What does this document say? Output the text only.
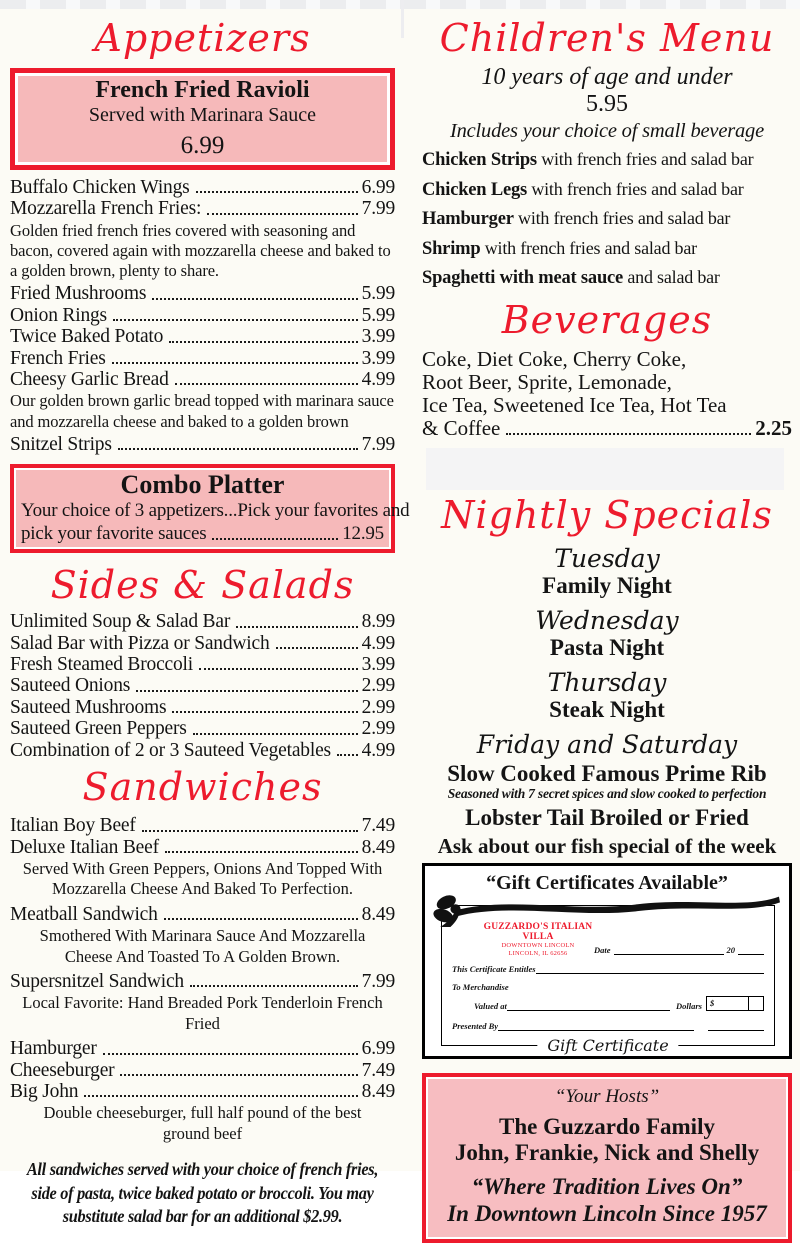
Appetizers
French Fried Ravioli
Served with Marinara Sauce
6.99
Buffalo Chicken Wings	6.99
Mozzarella French Fries:	7.99
Golden fried french fries covered with seasoning and bacon, covered again with mozzarella cheese and baked to a golden brown, plenty to share.
Fried Mushrooms	5.99
Onion Rings	5.99
Twice Baked Potato	3.99
French Fries	3.99
Cheesy Garlic Bread	4.99
Our golden brown garlic bread topped with marinara sauce and mozzarella cheese and baked to a golden brown
Snitzel Strips	7.99
Combo Platter
Your choice of 3 appetizers...Pick your favorites and
pick your favorite sauces	12.95
Sides & Salads
Unlimited Soup & Salad Bar	8.99
Salad Bar with Pizza or Sandwich	4.99
Fresh Steamed Broccoli	3.99
Sauteed Onions	2.99
Sauteed Mushrooms	2.99
Sauteed Green Peppers	2.99
Combination of 2 or 3 Sauteed Vegetables 4.99
Sandwiches
Italian Boy Beef	7.49
Deluxe Italian Beef	8.49
Served With Green Peppers, Onions And Topped With Mozzarella Cheese And Baked To Perfection.
Meatball Sandwich	8.49
Smothered With Marinara Sauce And Mozzarella Cheese And Toasted To A Golden Brown.
Supersnitzel Sandwich	7.99
Local Favorite: Hand Breaded Pork Tenderloin French Fried
Hamburger	6.99
Cheeseburger	7.49
Big John	8.49
Double cheeseburger, full half pound of the best ground beef
All sandwiches served with your choice of french fries,
side of pasta, twice baked potato or broccoli. You may
substitute salad bar for an additional $2.99.
Children's Menu
10 years of age and under
5.95
Includes your choice of small beverage
Chicken Strips with french fries and salad bar
Chicken Legs with french fries and salad bar
Hamburger with french fries and salad bar
Shrimp with french fries and salad bar
Spaghetti with meat sauce and salad bar
Beverages
Coke, Diet Coke, Cherry Coke,
Root Beer, Sprite, Lemonade,
Ice Tea, Sweetened Ice Tea, Hot Tea
& Coffee	2.25
Nightly Specials
Tuesday
Family Night
Wednesday
Pasta Night
Thursday
Steak Night
Friday and Saturday
Slow Cooked Famous Prime Rib
Seasoned with 7 secret spices and slow cooked to perfection
Lobster Tail Broiled or Fried
Ask about our fish special of the week
“Gift Certificates Available”
GUZZARDO'S ITALIAN VILLA
DOWNTOWN LINCOLN
LINCOLN, IL 62656	Date	20
This Certificate Entitles
To Merchandise
Valued at	Dollars $
Presented By
Gift Certificate
“Your Hosts”
The Guzzardo Family
John, Frankie, Nick and Shelly
“Where Tradition Lives On”
In Downtown Lincoln Since 1957
